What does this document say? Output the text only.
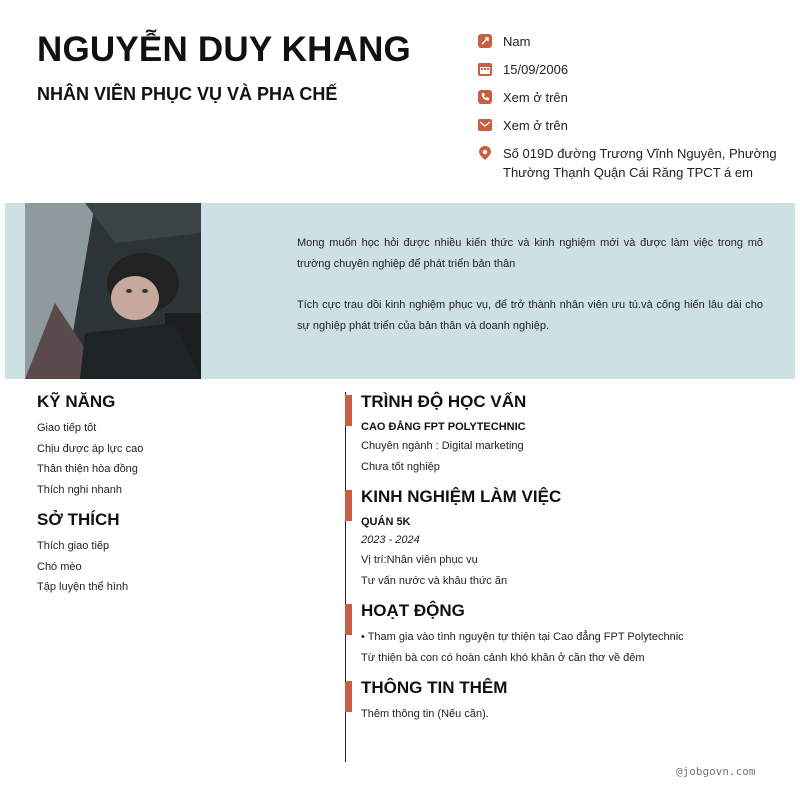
NGUYỄN DUY KHANG
NHÂN VIÊN PHỤC VỤ VÀ PHA CHẾ
Nam
15/09/2006
Xem ở trên
Xem ở trên
Số 019D đường Trương Vĩnh Nguyên, Phường Thường Thạnh Quận Cái Răng TPCT á em

Mong muốn học hỏi được nhiều kiến thức và kinh nghiệm mới và được làm việc trong mô trường chuyên nghiệp để phát triển bản thân

Tích cực trau dồi kinh nghiệm phục vụ, để trở thành nhân viên ưu tú.và cống hiến lâu dài cho sự nghiệp phát triển của bản thân và doanh nghiệp.

KỸ NĂNG
Giao tiếp tốt
Chịu được áp lực cao
Thân thiện hòa đồng
Thích nghi nhanh
SỞ THÍCH
Thích giao tiếp
Chó mèo
Tập luyện thể hình
TRÌNH ĐỘ HỌC VẤN
CAO ĐẲNG FPT POLYTECHNIC
Chuyên ngành : Digital marketing
Chưa tốt nghiệp
KINH NGHIỆM LÀM VIỆC
QUÁN 5K
2023 - 2024
Vị trí:Nhân viên phục vụ
Tư vấn nước và khâu thức ăn
HOẠT ĐỘNG
• Tham gia vào tình nguyện tự thiện tại Cao đẳng FPT Polytechnic
Từ thiện bà con có hoàn cảnh khó khăn ở cần thơ về đêm
THÔNG TIN THÊM
Thêm thông tin (Nếu cần).
@jobgovn.com
